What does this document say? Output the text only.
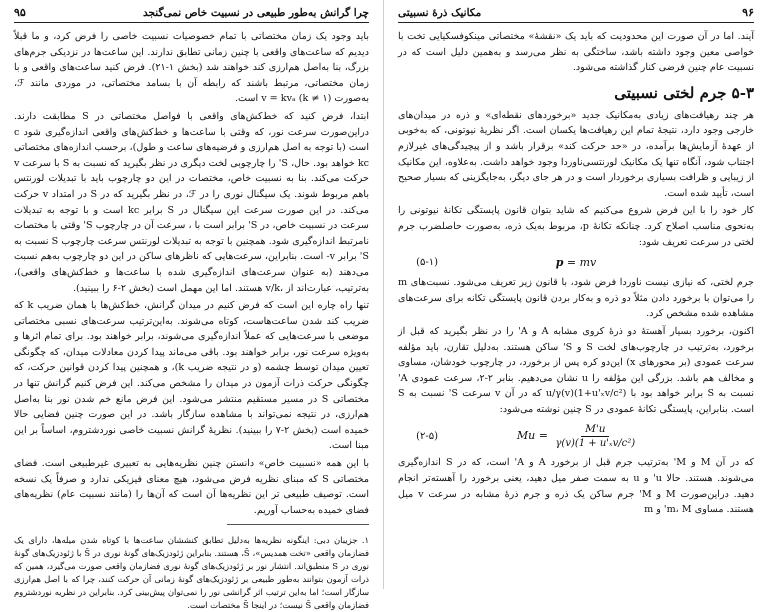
چرا گرانش به‌طور طبیعی در نسبیت خاص نمی‌گنجد
۹۵

باید وجود یک زمان مختصاتی با تمام خصوصیات نسبیت خاصی را فرض کرد، و ما قبلاً دیدیم که ساعت‌های واقعی با چنین زمانی تطابق ندارند. این ساعت‌ها در نزدیکی جرم‌های بزرگ، بنا به‌اصل هم‌ارزی کند خواهند شد (بخش ۱-۲۱). فرض کنید ساعت‌های واقعی و با زمان مختصاتی، مرتبط باشند که رابطه آن با بسامد مختصاتی، در موردی مانند ℱ، به‌صورت (۱ ≠ k) v = kvₐ است.

ابتدا، فرض کنید که خط‌کش‌های واقعی با فواصل مختصاتی در S مطابقت دارند. دراین‌صورت سرعت نور، که وقتی با ساعت‌ها و خط‌کش‌های واقعی اندازه‌گیری شود c است (با توجه به اصل هم‌ارزی و فرضیه‌های ساعت و طول)، برحسب اندازه‌های مختصاتی kc خواهد بود. حال، S' را چارچوبی لخت دیگری در نظر بگیرید که نسبت به S با سرعت v حرکت می‌کند. بنا به نسبیت خاص، مختصات در این دو چارچوب باید با تبدیلات لورنتس باهم مربوط شوند. یک سیگنال نوری را در ℱ، در نظر بگیرید که در S در امتداد v حرکت می‌کند. در این صورت سرعت این سیگنال در S برابر kc است و با توجه به تبدیلات سرعت در نسبیت خاص، در S' برابر است با ، سرعت آن در چارچوب S' وقتی با مختصات نامرتبط اندازه‌گیری شود. همچنین با توجه به تبدیلات لورنتس سرعت چارچوب S نسبت به S' برابر v- است. بنابراین، سرعت‌هایی که ناظرهای ساکن در این دو چارچوب به‌هم نسبت می‌دهند (به عنوان سرعت‌های اندازه‌گیری شده با ساعت‌ها و خط‌کش‌های واقعی)، به‌ترتیب، عبارت‌اند از ،v/k هستند. اما این مهمل است (بخش ۲-۶ را ببینید).

تنها راه چاره این است که فرض کنیم در میدان گرانش، خط‌کش‌ها با همان ضریب k که ضریب کند شدن ساعت‌هاست، کوتاه می‌شوند. به‌این‌ترتیب سرعت‌های نسبی مختصاتی موضعی با سرعت‌هایی که عملاً اندازه‌گیری می‌شوند، برابر خواهند بود. برای تمام اثرها و به‌ویژه سرعت نور، برابر خواهند بود. باقی می‌ماند پیدا کردن معادلات میدان، که چگونگی تعیین میدان توسط چشمه (و در نتیجه ضریب k)، و همچنین پیدا کردن قوانین حرکت، که چگونگی حرکت ذرات آزمون در میدان را مشخص می‌کند. این فرض کنیم گرانش تنها در مختصاتی S در مسیر مستقیم منتشر می‌شود. این فرض مانع خم شدن نور بنا به‌اصل هم‌ارزی، در نتیجه نمی‌تواند با مشاهده سازگار باشد. در این صورت چنین فضایی حالا خمیده است (بخش ۲-۷ را ببینید). نظریهٔ گرانش نسبیت خاصی نوردشتروم، اساساً بر این مبنا است.

با این همه «نسبیت خاص» دانستن چنین نظریه‌هایی به تعبیری غیرطبیعی است. فضای مختصاتی S که مبنای نظریه فرض می‌شود، هیچ معنای فیزیکی ندارد و صرفاً یک نسخه است. توصیف طبیعی تر این نظریه‌ها آن است که آن‌ها را (مانند نسبیت عام) نظریه‌های فضای خمیده به‌حساب آوریم.

۱. جزیبان دبی: اینگونه نظریه‌ها به‌دلیل تطابق کنششان ساعت‌ها با کوتاه شدن میله‌ها، دارای یک فضازمان واقعی «تخت همدیس»، S̄، هستند. بنابراین ژئودزیک‌های گونهٔ نوری در S̄ با ژئودزیک‌های گونهٔ نوری در S منطبق‌اند. انتشار نور بر ژئودزیک‌های گونهٔ نوری فضازمان واقعی صورت می‌گیرد، همین که ذرات آزمون بتوانند به‌طور طبیعی بر ژئودزیک‌های گونهٔ زمانی آن حرکت کنند، چرا که با اصل هم‌ارزی سازگار است؛ اما به‌این ترتیب اثر گرانشی نور را نمی‌توان پیش‌بینی کرد. بنابراین در نظریه نوردشتروم فضازمان واقعی S̄ نیست؛ در اینجا S̄ مختصات است.

۹۶
مکانیک ذرهٔ نسبیتی

آیند. اما در آن صورت این محدودیت که باید یک «نقشهٔ» مختصاتی مینکوفسکیایی تخت با خواصی معین وجود داشته باشد، ساختگی به نظر می‌رسد و به‌همین دلیل است که در نسبیت عام چنین فرضی کنار گذاشته می‌شود.

۵-۳ جرم لختی نسبیتی

هر چند رهیافت‌های زیادی به‌مکانیک جدید «برخوردهای نقطه‌ای» و ذره در میدان‌های خارجی وجود دارد، نتیجهٔ تمام این رهیافت‌ها یکسان است. اگر نظریهٔ نیوتونی، که به‌خوبی از عهدهٔ آزمایش‌ها برآمده، در «حد حرکت کند» برقرار باشد و از پیچیدگی‌های غیرلازم اجتناب شود، آنگاه تنها یک مکانیک لورنتسی‌ناوردا وجود خواهد داشت. به‌علاوه، این مکانیک از زیبایی و ظرافت بسیاری برخوردار است و در هر جای دیگر، به‌جایگزینی که بسیار صحیح است، تأیید شده است.

کار خود را با این فرض شروع می‌کنیم که شاید بتوان قانون پایستگی تکانهٔ نیوتونی را به‌نحوی مناسب اصلاح کرد. چنانکه تکانهٔ p، مربوط به‌یک ذره، به‌صورت حاصلضرب جرم لختی در سرعت تعریف شود:

(۵-۱)	p = mv

جرم لختی، که نیازی نیست ناوردا فرض شود، با قانون زیر تعریف می‌شود. نسبت‌های m را می‌توان با برخورد دادن مثلاً دو ذره و به‌کار بردن قانون پایستگی تکانه برای سرعت‌های مشاهده شده مشخص کرد.

اکنون، برخورد بسیار آهستهٔ دو ذرهٔ کروی مشابه A و A' را در نظر بگیرید که قبل از برخورد، به‌ترتیب در چارچوب‌های لخت S و S' ساکن هستند. به‌دلیل تقارن، باید مؤلفه سرعت عمودی (بر محورهای x) این‌دو کره پس از برخورد، در چارچوب خودشان، مساوی و مخالف هم باشد. بزرگی این مؤلفه را u نشان می‌دهیم. بنابر ۲-۲، سرعت عمودی A' نسبت به S برابر خواهد بود با u/γ(v)(1+u'ₓv/c²) که در آن v سرعت S' نسبت به S است. بنابراین، پایستگی تکانهٔ عمودی در S چنین نوشته می‌شود:

(۲-۵)	$Mu = \frac{M'u}{\text{γ(v)(1 + u'ₓv/c²)}}$

که در آن M و M' به‌ترتیب جرم قبل از برخورد A و A' است، که در S اندازه‌گیری می‌شوند. هستند. حالا u' و u به سمت صفر میل دهید، یعنی برخورد را آهسته‌تر انجام دهید. دراین‌صورت M و M' جرم ساکن یک ذره و جرم ذرهٔ مشابه در سرعت v میل هستند. مساوی m، M' و m
